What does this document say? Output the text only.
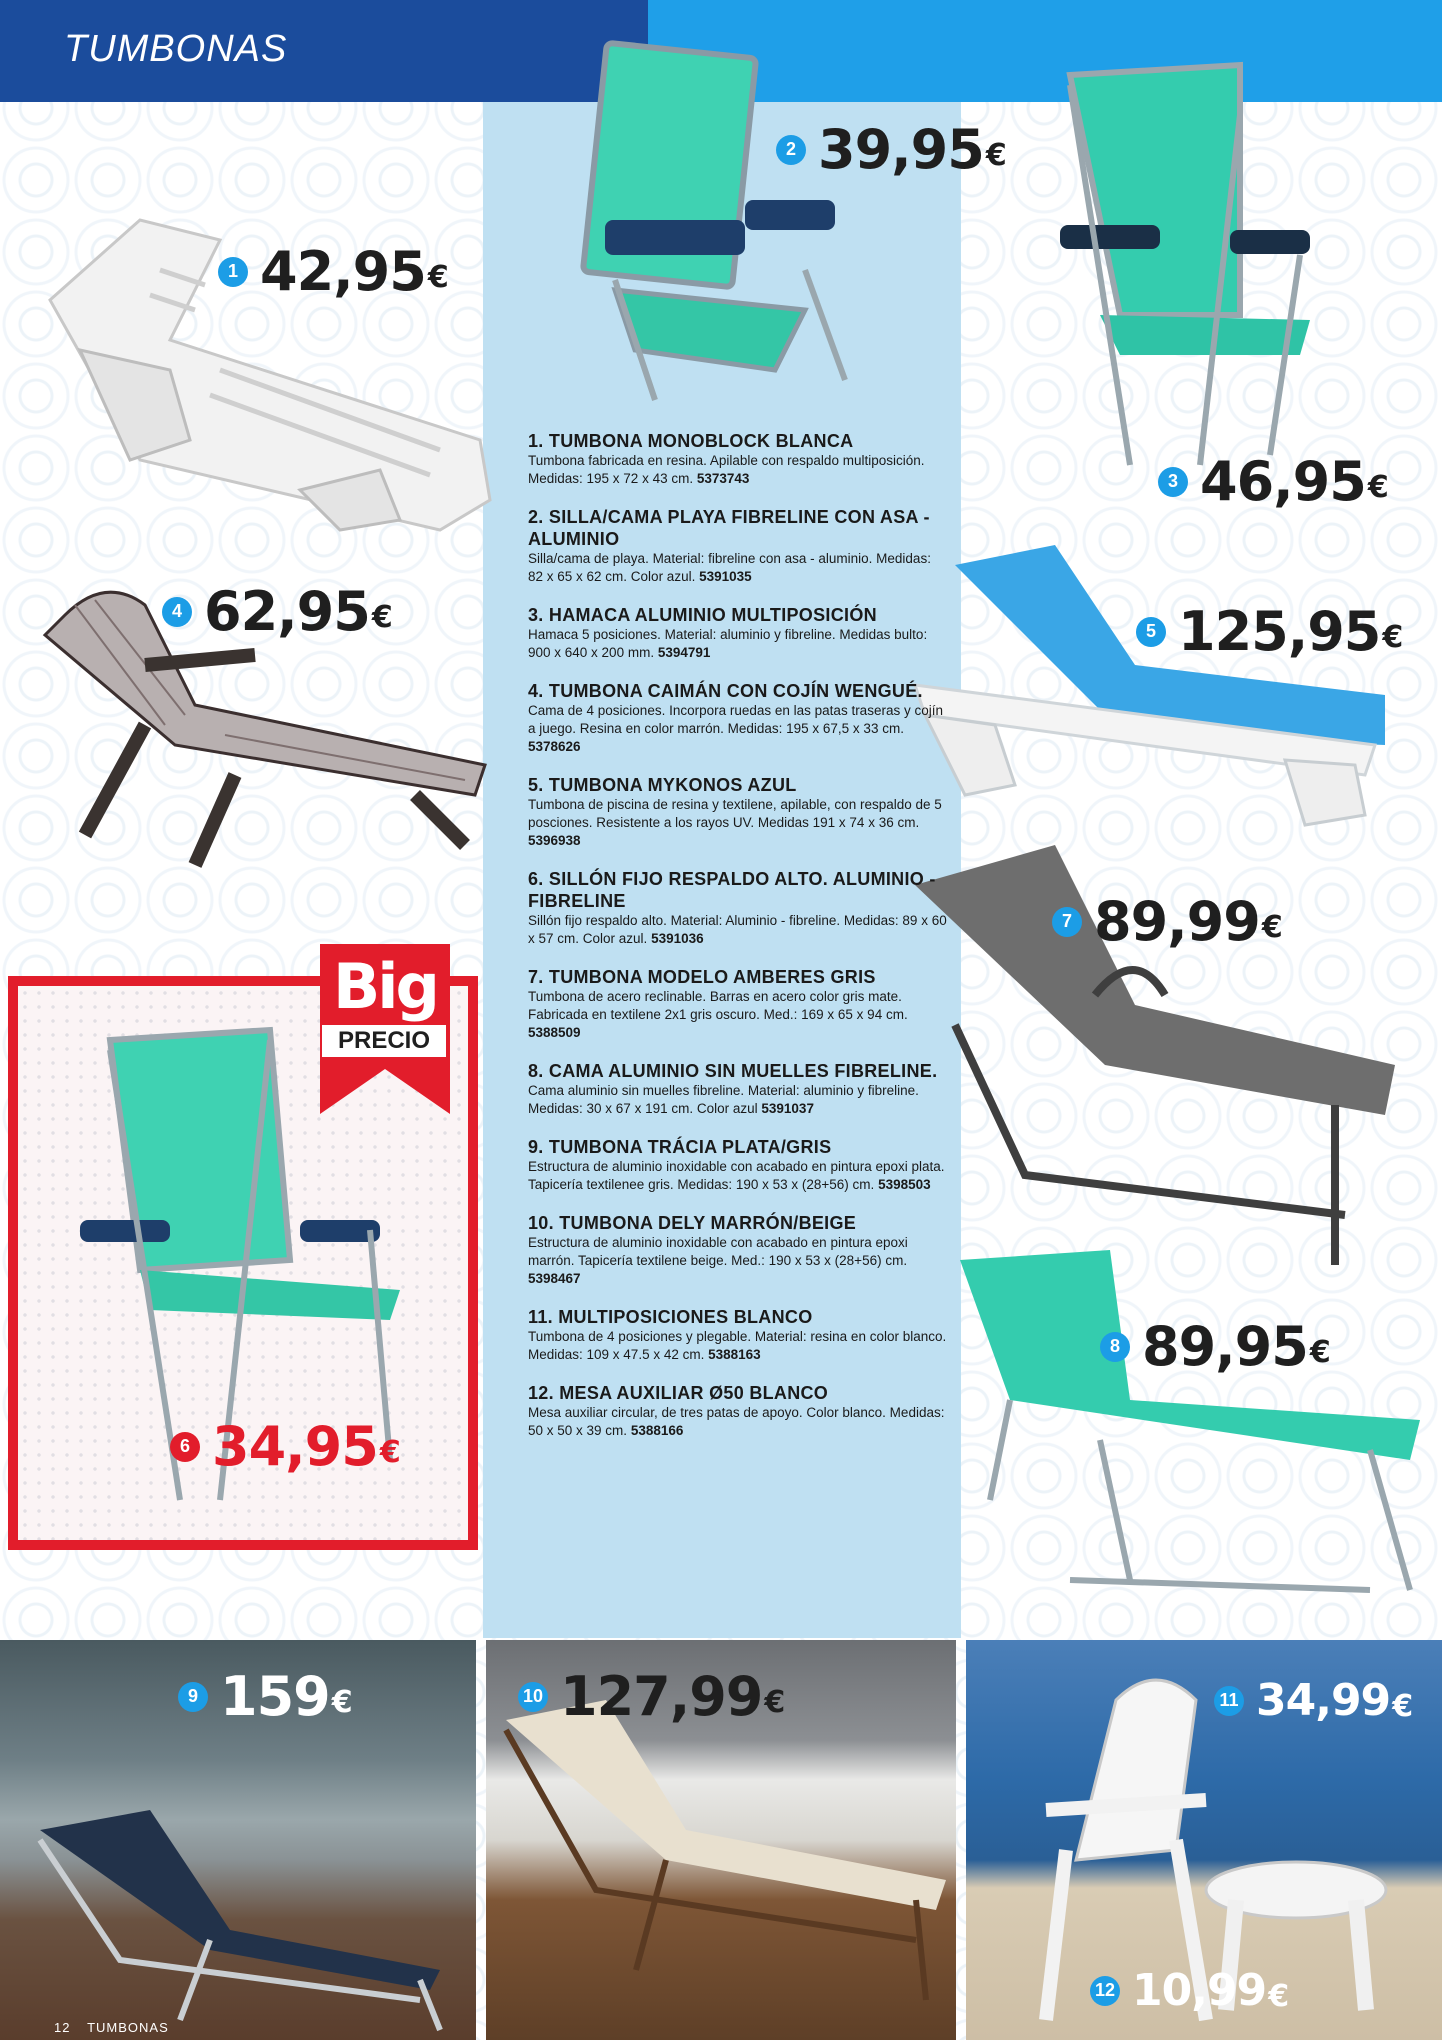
TUMBONAS
1 42,95 €
2 39,95 €
3 46,95 €
4 62,95 €	5 125,95 €
7 89,99 €
8 89,95 €
Big
PRECIO
6 34,95 €
1. TUMBONA MONOBLOCK BLANCA
Tumbona fabricada en resina. Apilable con respaldo multiposición. Medidas: 195 x 72 x 43 cm. 5373743
2. SILLA/CAMA PLAYA FIBRELINE CON ASA - ALUMINIO
Silla/cama de playa. Material: fibreline con asa - aluminio. Medidas: 82 x 65 x 62 cm. Color azul. 5391035
3. HAMACA ALUMINIO MULTIPOSICIÓN
Hamaca 5 posiciones. Material: aluminio y fibreline. Medidas bulto: 900 x 640 x 200 mm. 5394791
4. TUMBONA CAIMÁN CON COJÍN WENGUÉ.
Cama de 4 posiciones. Incorpora ruedas en las patas traseras y cojín a juego. Resina en color marrón. Medidas: 195 x 67,5 x 33 cm. 5378626
5. TUMBONA MYKONOS AZUL
Tumbona de piscina de resina y textilene, apilable, con respaldo de 5 posciones. Resistente a los rayos UV. Medidas 191 x 74 x 36 cm. 5396938
6. SILLÓN FIJO RESPALDO ALTO. ALUMINIO - FIBRELINE
Sillón fijo respaldo alto. Material: Aluminio - fibreline. Medidas: 89 x 60 x 57 cm. Color azul. 5391036
7. TUMBONA MODELO AMBERES GRIS
Tumbona de acero reclinable. Barras en acero color gris mate. Fabricada en textilene 2x1 gris oscuro. Med.: 169 x 65 x 94 cm. 5388509
8. CAMA ALUMINIO SIN MUELLES FIBRELINE.
Cama aluminio sin muelles fibreline. Material: aluminio y fibreline. Medidas: 30 x 67 x 191 cm. Color azul 5391037
9. TUMBONA TRÁCIA PLATA/GRIS
Estructura de aluminio inoxidable con acabado en pintura epoxi plata. Tapicería textilenee gris. Medidas: 190 x 53 x (28+56) cm. 5398503
10. TUMBONA DELY MARRÓN/BEIGE
Estructura de aluminio inoxidable con acabado en pintura epoxi marrón. Tapicería textilene beige. Med.: 190 x 53 x (28+56) cm. 5398467
11. MULTIPOSICIONES BLANCO
Tumbona de 4 posiciones y plegable. Material: resina en color blanco. Medidas: 109 x 47.5 x 42 cm. 5388163
12. MESA AUXILIAR Ø50 BLANCO
Mesa auxiliar circular, de tres patas de apoyo. Color blanco. Medidas: 50 x 50 x 39 cm. 5388166
9 159 €	10 127,99 €	11 34,99 €
12 10,99 €
12 TUMBONAS
